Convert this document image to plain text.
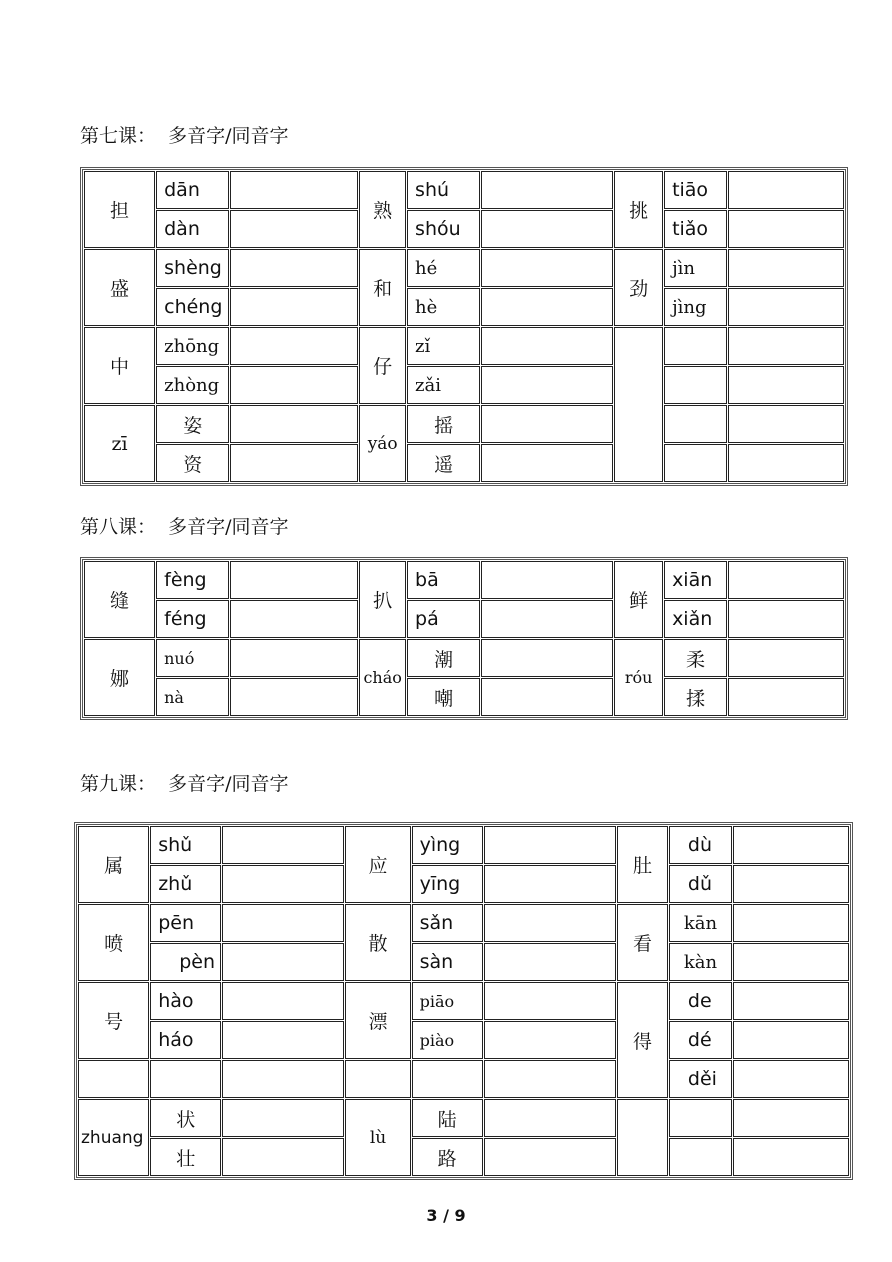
第七课：  多音字/同音字
担	dān		熟	shú		挑	tiāo	
	dàn			shóu			tiǎo	
盛	shèng		和	hé		劲	jìn	
	chéng			hè			jìng	
中	zhōng		仔	zǐ				
	zhòng			zǎi				
zī	姿		yáo	摇				
	资			遥				
第八课：  多音字/同音字
缝	fèng		扒	bā		鲜	xiān	
	féng			pá			xiǎn	
娜	nuó		cháo	潮		róu	柔	
	nà			嘲			揉	
第九课：  多音字/同音字
属	shǔ		应	yìng		肚	dù	
	zhǔ			yīng			dǔ	
喷	pēn		散	sǎn		看	kān	
	pèn			sàn			kàn	
号	hào		漂	piāo		得	de	
	háo			piào			dé	
							děi	
zhuang	状		lù	陆				
	壮			路				
3 / 9
